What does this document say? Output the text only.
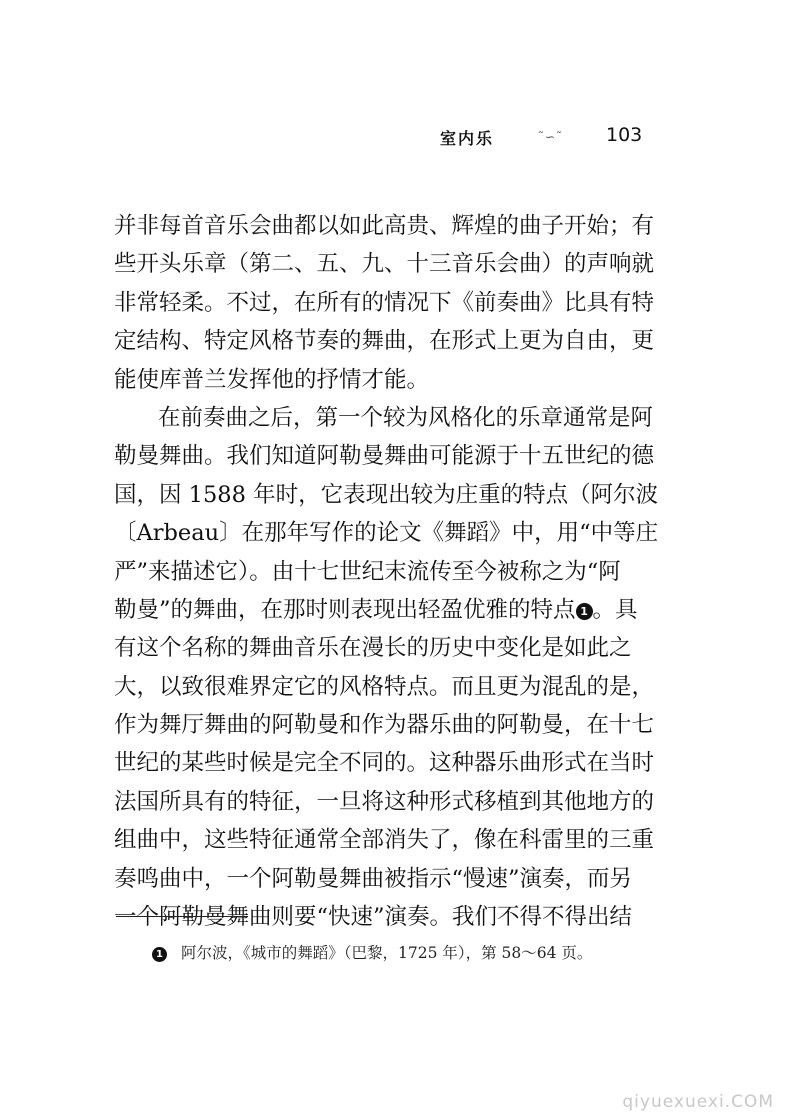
室内乐	˜∽˜ 103
并非每首音乐会曲都以如此高贵、辉煌的曲子开始；有
些开头乐章（第二、五、九、十三音乐会曲）的声响就
非常轻柔。不过，在所有的情况下《前奏曲》比具有特
定结构、特定风格节奏的舞曲，在形式上更为自由，更
能使库普兰发挥他的抒情才能。
在前奏曲之后，第一个较为风格化的乐章通常是阿
勒曼舞曲。我们知道阿勒曼舞曲可能源于十五世纪的德
国，因 1588 年时，它表现出较为庄重的特点（阿尔波
〔Arbeau〕在那年写作的论文《舞蹈》中，用“中等庄
严”来描述它）。由十七世纪末流传至今被称之为“阿
勒曼”的舞曲，在那时则表现出轻盈优雅的特点 1 。具
有这个名称的舞曲音乐在漫长的历史中变化是如此之
大，以致很难界定它的风格特点。而且更为混乱的是，
作为舞厅舞曲的阿勒曼和作为器乐曲的阿勒曼，在十七
世纪的某些时候是完全不同的。这种器乐曲形式在当时
法国所具有的特征，一旦将这种形式移植到其他地方的
组曲中，这些特征通常全部消失了，像在科雷里的三重
奏鸣曲中，一个阿勒曼舞曲被指示“慢速”演奏，而另
一个阿勒曼舞曲则要“快速”演奏。我们不得不得出结
1 阿尔波，《城市的舞蹈》（巴黎，1725 年），第 58～64 页。
qiyuexuexi.COM
